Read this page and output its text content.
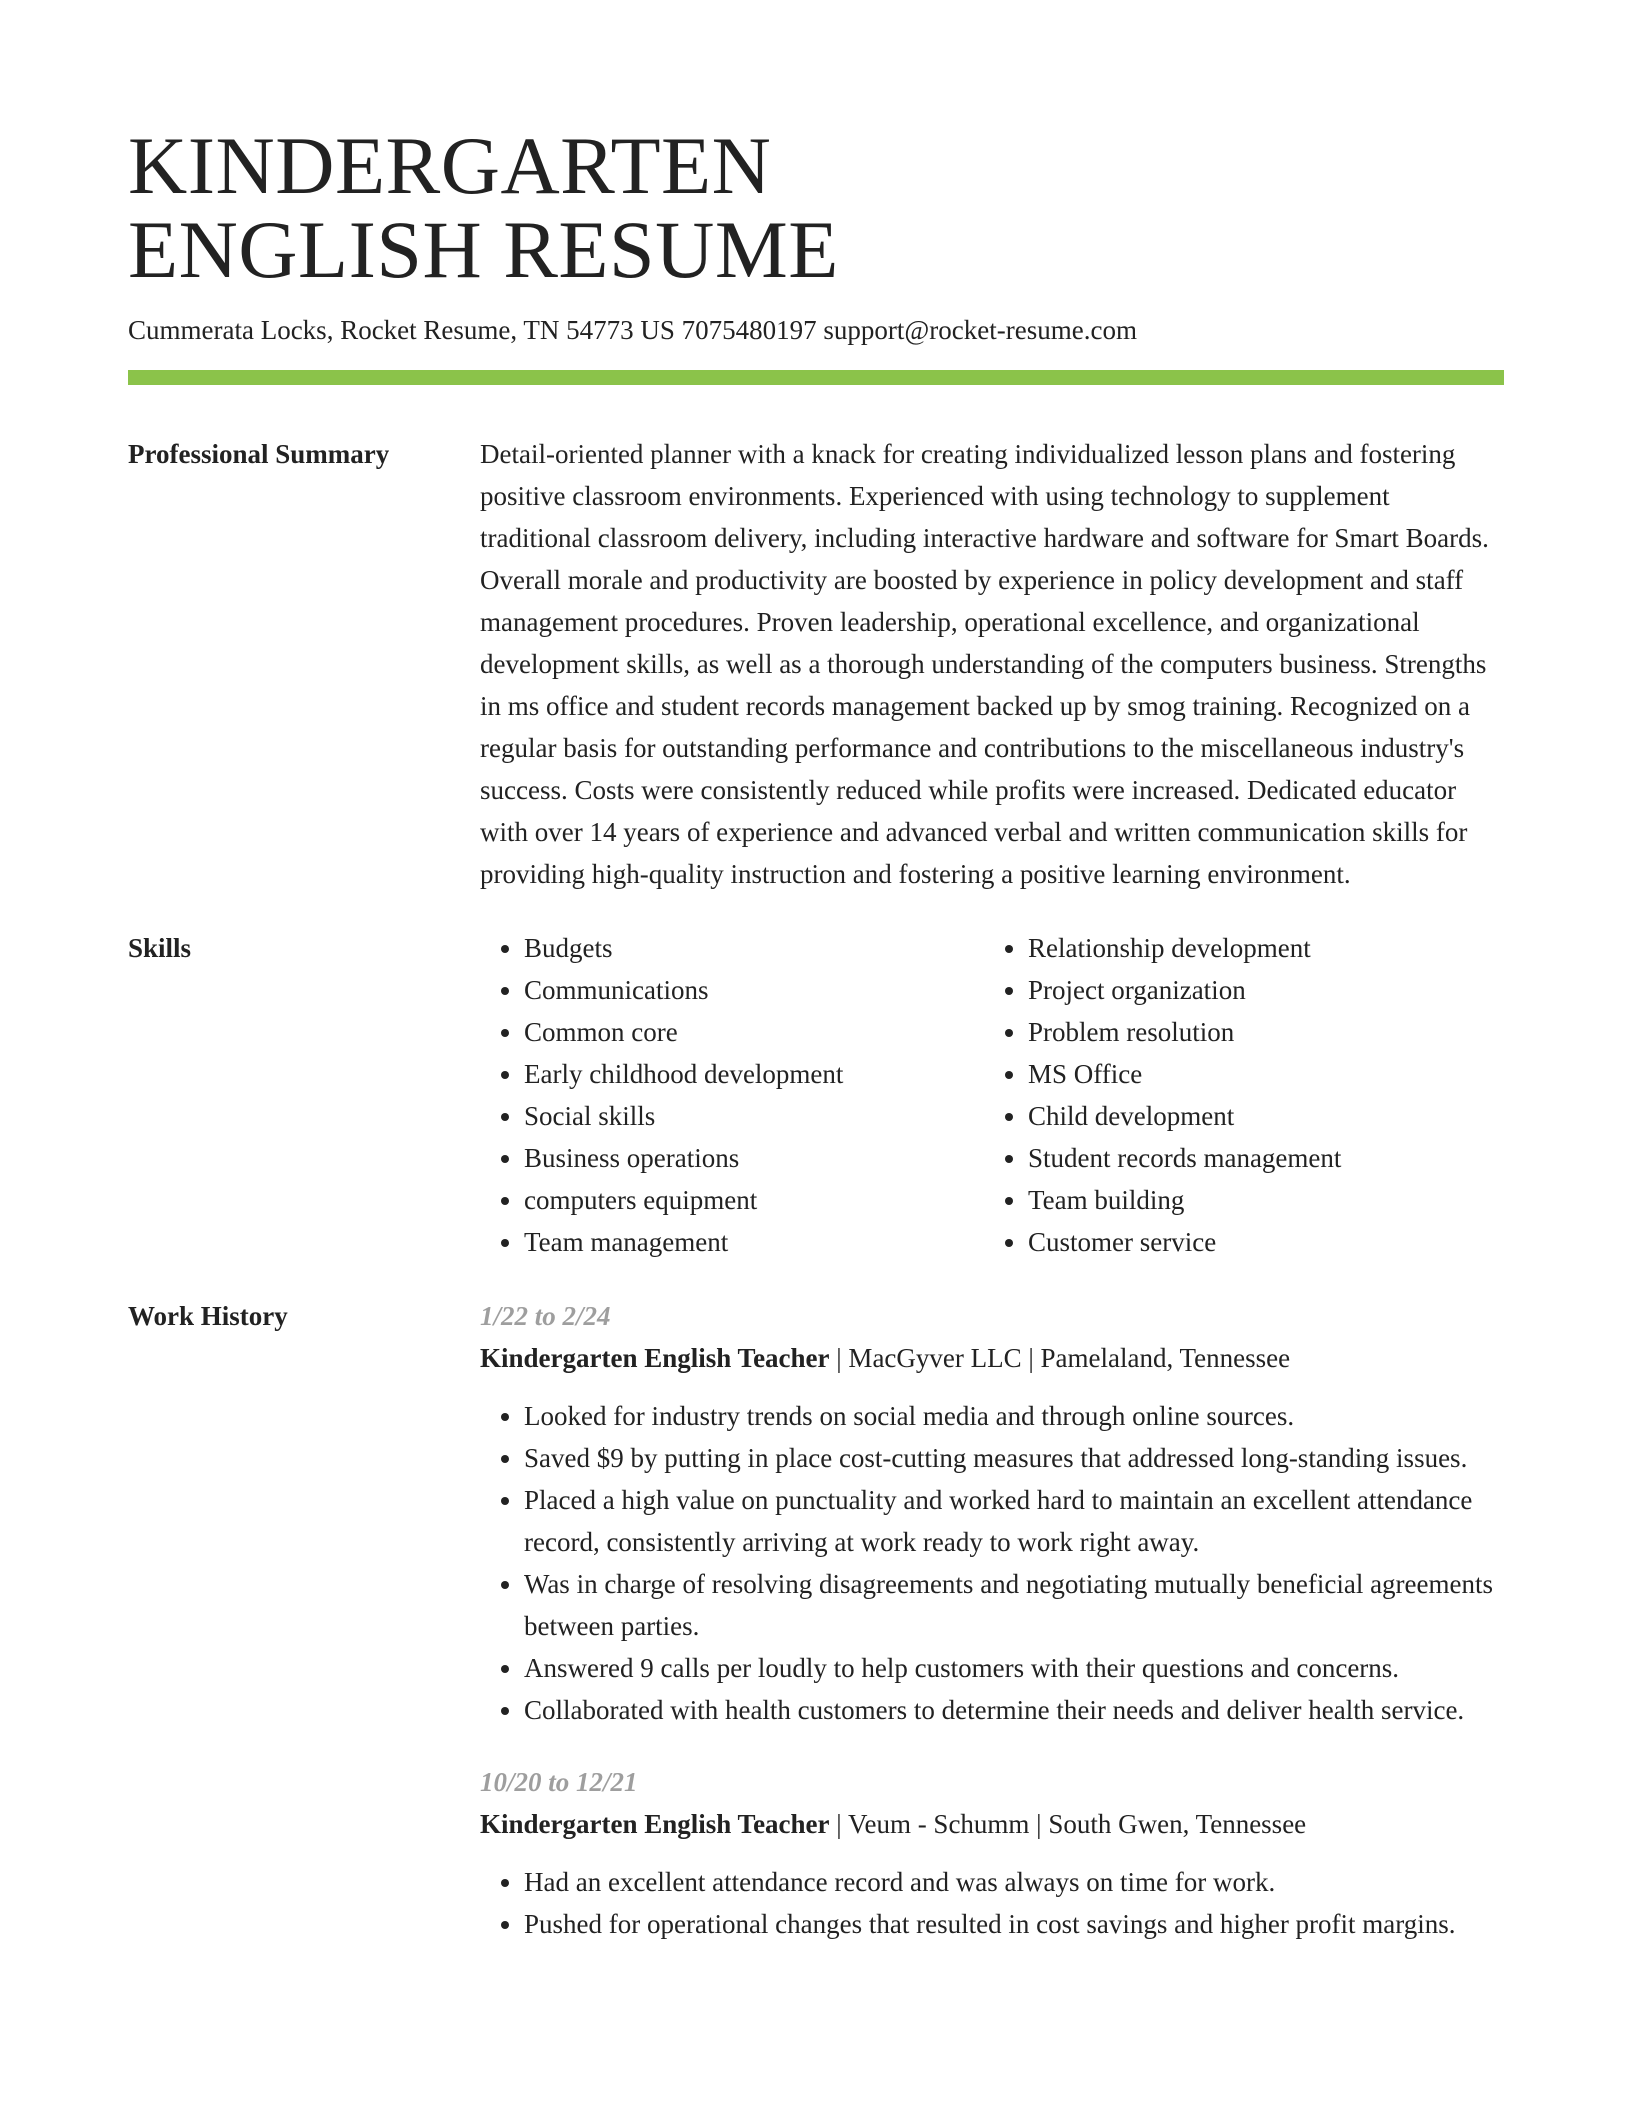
KINDERGARTEN
ENGLISH RESUME
Cummerata Locks, Rocket Resume, TN 54773 US 7075480197 support@rocket-resume.com
Professional Summary	Detail-oriented planner with a knack for creating individualized lesson plans and fostering positive classroom environments. Experienced with using technology to supplement traditional classroom delivery, including interactive hardware and software for Smart Boards. Overall morale and productivity are boosted by experience in policy development and staff management procedures. Proven leadership, operational excellence, and organizational development skills, as well as a thorough understanding of the computers business. Strengths in ms office and student records management backed up by smog training. Recognized on a regular basis for outstanding performance and contributions to the miscellaneous industry's success. Costs were consistently reduced while profits were increased. Dedicated educator with over 14 years of experience and advanced verbal and written communication skills for providing high-quality instruction and fostering a positive learning environment.

Skills
•	Budgets
• Communications
• Common core
• Early childhood development
• Social skills
• Business operations
• computers equipment
• Team management
• Relationship development
• Project organization
• Problem resolution
• MS Office
• Child development
• Student records management
• Team building
• Customer service
Work History	1/22 to 2/24
Kindergarten English Teacher | MacGyver LLC | Pamelaland, Tennessee
• Looked for industry trends on social media and through online sources.
• Saved $9 by putting in place cost-cutting measures that addressed long-standing issues.
• Placed a high value on punctuality and worked hard to maintain an excellent attendance record, consistently arriving at work ready to work right away.
• Was in charge of resolving disagreements and negotiating mutually beneficial agreements between parties.
• Answered 9 calls per loudly to help customers with their questions and concerns.
• Collaborated with health customers to determine their needs and deliver health service.
10/20 to 12/21
Kindergarten English Teacher | Veum - Schumm | South Gwen, Tennessee
• Had an excellent attendance record and was always on time for work.
• Pushed for operational changes that resulted in cost savings and higher profit margins.
